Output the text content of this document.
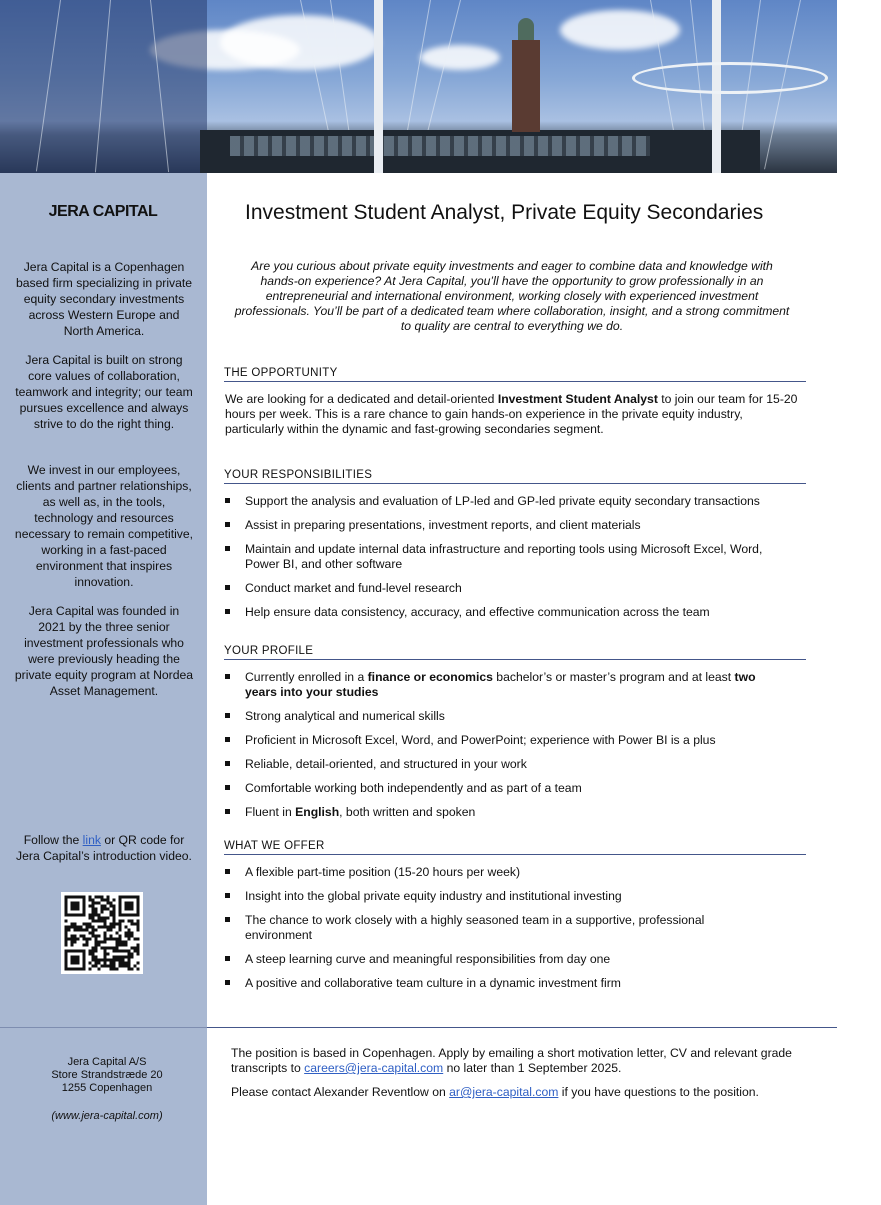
JERA CAPITAL

Jera Capital is a Copenhagen based firm specializing in private equity secondary investments across Western Europe and North America.

Jera Capital is built on strong core values of collaboration, teamwork and integrity; our team pursues excellence and always strive to do the right thing.

We invest in our employees, clients and partner relationships, as well as, in the tools, technology and resources necessary to remain competitive, working in a fast-paced environment that inspires innovation.

Jera Capital was founded in 2021 by the three senior investment professionals who were previously heading the private equity program at Nordea Asset Management.

Follow the link or QR code for Jera Capital’s introduction video.

Jera Capital A/S
Store Strandstræde 20
1255 Copenhagen
(www.jera-capital.com)
Investment Student Analyst, Private Equity Secondaries
Are you curious about private equity investments and eager to combine data and knowledge with hands-on experience? At Jera Capital, you’ll have the opportunity to grow professionally in an entrepreneurial and international environment, working closely with experienced investment professionals. You’ll be part of a dedicated team where collaboration, insight, and a strong commitment to quality are central to everything we do.
THE OPPORTUNITY
We are looking for a dedicated and detail-oriented Investment Student Analyst to join our team for 15-20 hours per week. This is a rare chance to gain hands-on experience in the private equity industry, particularly within the dynamic and fast-growing secondaries segment.
YOUR RESPONSIBILITIES
Support the analysis and evaluation of LP-led and GP-led private equity secondary transactions
Assist in preparing presentations, investment reports, and client materials
Maintain and update internal data infrastructure and reporting tools using Microsoft Excel, Word, Power BI, and other software
Conduct market and fund-level research
Help ensure data consistency, accuracy, and effective communication across the team
YOUR PROFILE
Currently enrolled in a finance or economics bachelor’s or master’s program and at least two years into your studies
Strong analytical and numerical skills
Proficient in Microsoft Excel, Word, and PowerPoint; experience with Power BI is a plus
Reliable, detail-oriented, and structured in your work
Comfortable working both independently and as part of a team
Fluent in English, both written and spoken
WHAT WE OFFER
A flexible part-time position (15-20 hours per week)
Insight into the global private equity industry and institutional investing
The chance to work closely with a highly seasoned team in a supportive, professional environment
A steep learning curve and meaningful responsibilities from day one
A positive and collaborative team culture in a dynamic investment firm

The position is based in Copenhagen. Apply by emailing a short motivation letter, CV and relevant grade transcripts to careers@jera-capital.com no later than 1 September 2025.

Please contact Alexander Reventlow on ar@jera-capital.com if you have questions to the position.
